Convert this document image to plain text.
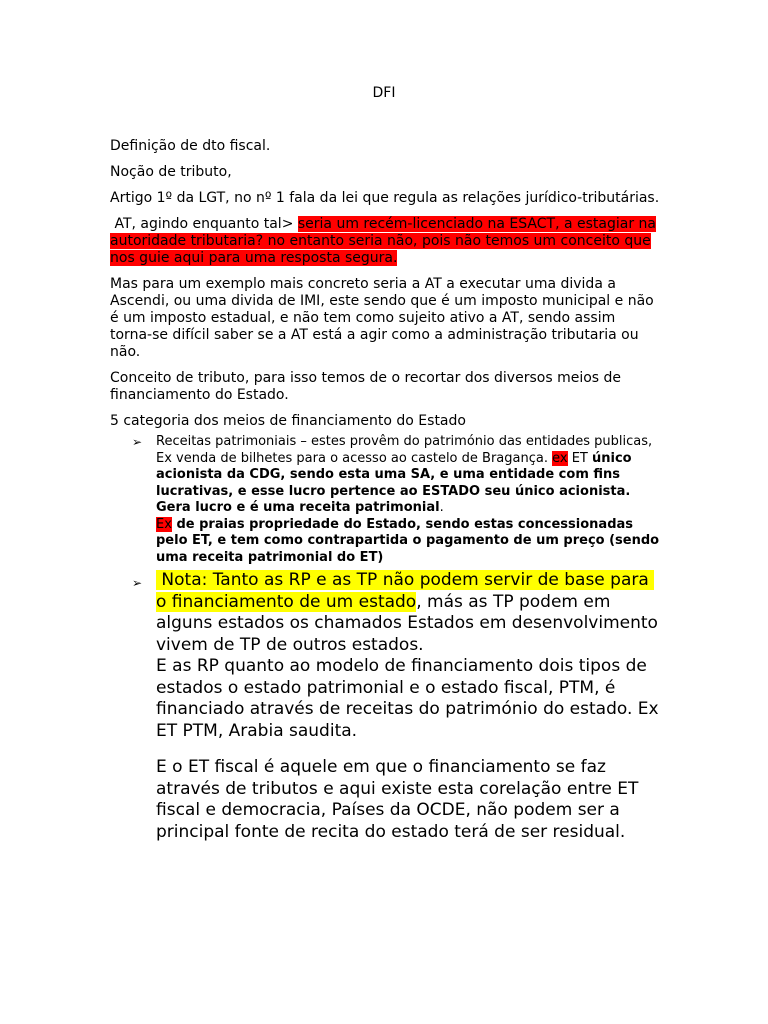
DFI

Definição de dto fiscal.

Noção de tributo,

Artigo 1º da LGT, no nº 1 fala da lei que regula as relações jurídico-tributárias.

AT, agindo enquanto tal> seria um recém-licenciado na ESACT, a estagiar na autoridade tributaria? no entanto seria não, pois não temos um conceito que nos guie aqui para uma resposta segura.

Mas para um exemplo mais concreto seria a AT a executar uma divida a Ascendi, ou uma divida de IMI, este sendo que é um imposto municipal e não é um imposto estadual, e não tem como sujeito ativo a AT, sendo assim torna-se difícil saber se a AT está a agir como a administração tributaria ou não.

Conceito de tributo, para isso temos de o recortar dos diversos meios de financiamento do Estado.

5 categoria dos meios de financiamento do Estado

➢ Receitas patrimoniais – estes provêm do património das entidades publicas, Ex venda de bilhetes para o acesso ao castelo de Bragança. ex ET único acionista da CDG, sendo esta uma SA, e uma entidade com fins lucrativas, e esse lucro pertence ao ESTADO seu único acionista. Gera lucro e é uma receita patrimonial.
Ex de praias propriedade do Estado, sendo estas concessionadas pelo ET, e tem como contrapartida o pagamento de um preço (sendo uma receita patrimonial do ET)
➢ Nota: Tanto as RP e as TP não podem servir de base para o financiamento de um estado, más as TP podem em alguns estados os chamados Estados em desenvolvimento vivem de TP de outros estados.

E as RP quanto ao modelo de financiamento dois tipos de estados o estado patrimonial e o estado fiscal, PTM, é financiado através de receitas do património do estado. Ex ET PTM, Arabia saudita.

E o ET fiscal é aquele em que o financiamento se faz através de tributos e aqui existe esta corelação entre ET fiscal e democracia, Países da OCDE, não podem ser a principal fonte de recita do estado terá de ser residual.
